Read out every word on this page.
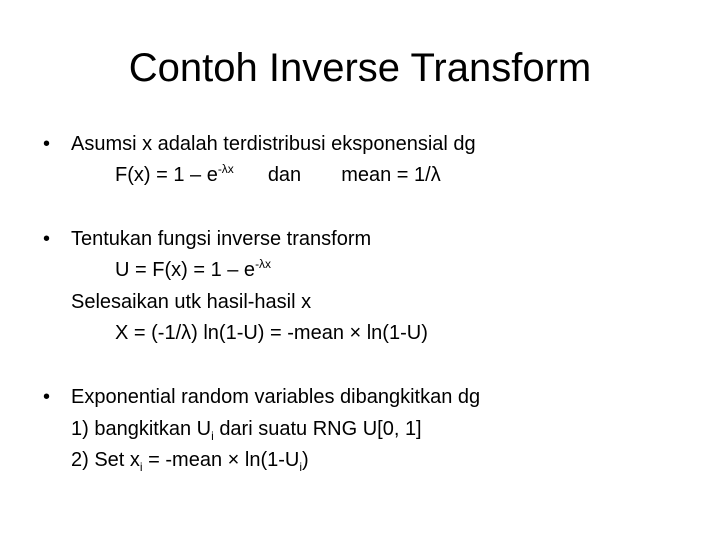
Contoh Inverse Transform
• Asumsi x adalah terdistribusi eksponensial dg
$F(x) = 1 - e^{-\lambda x}$ dan mean = 1/λ
• Tentukan fungsi inverse transform
$U = F(x) = 1 - e^{-\lambda x}$
Selesaikan utk hasil-hasil x
X = (-1/λ) ln(1-U) = -mean × ln(1-U)
• Exponential random variables dibangkitkan dg
1) bangkitkan $U_i$ dari suatu RNG U[0, 1]
2) Set $x_i$ = -mean × $\ln(1-U_i)$
